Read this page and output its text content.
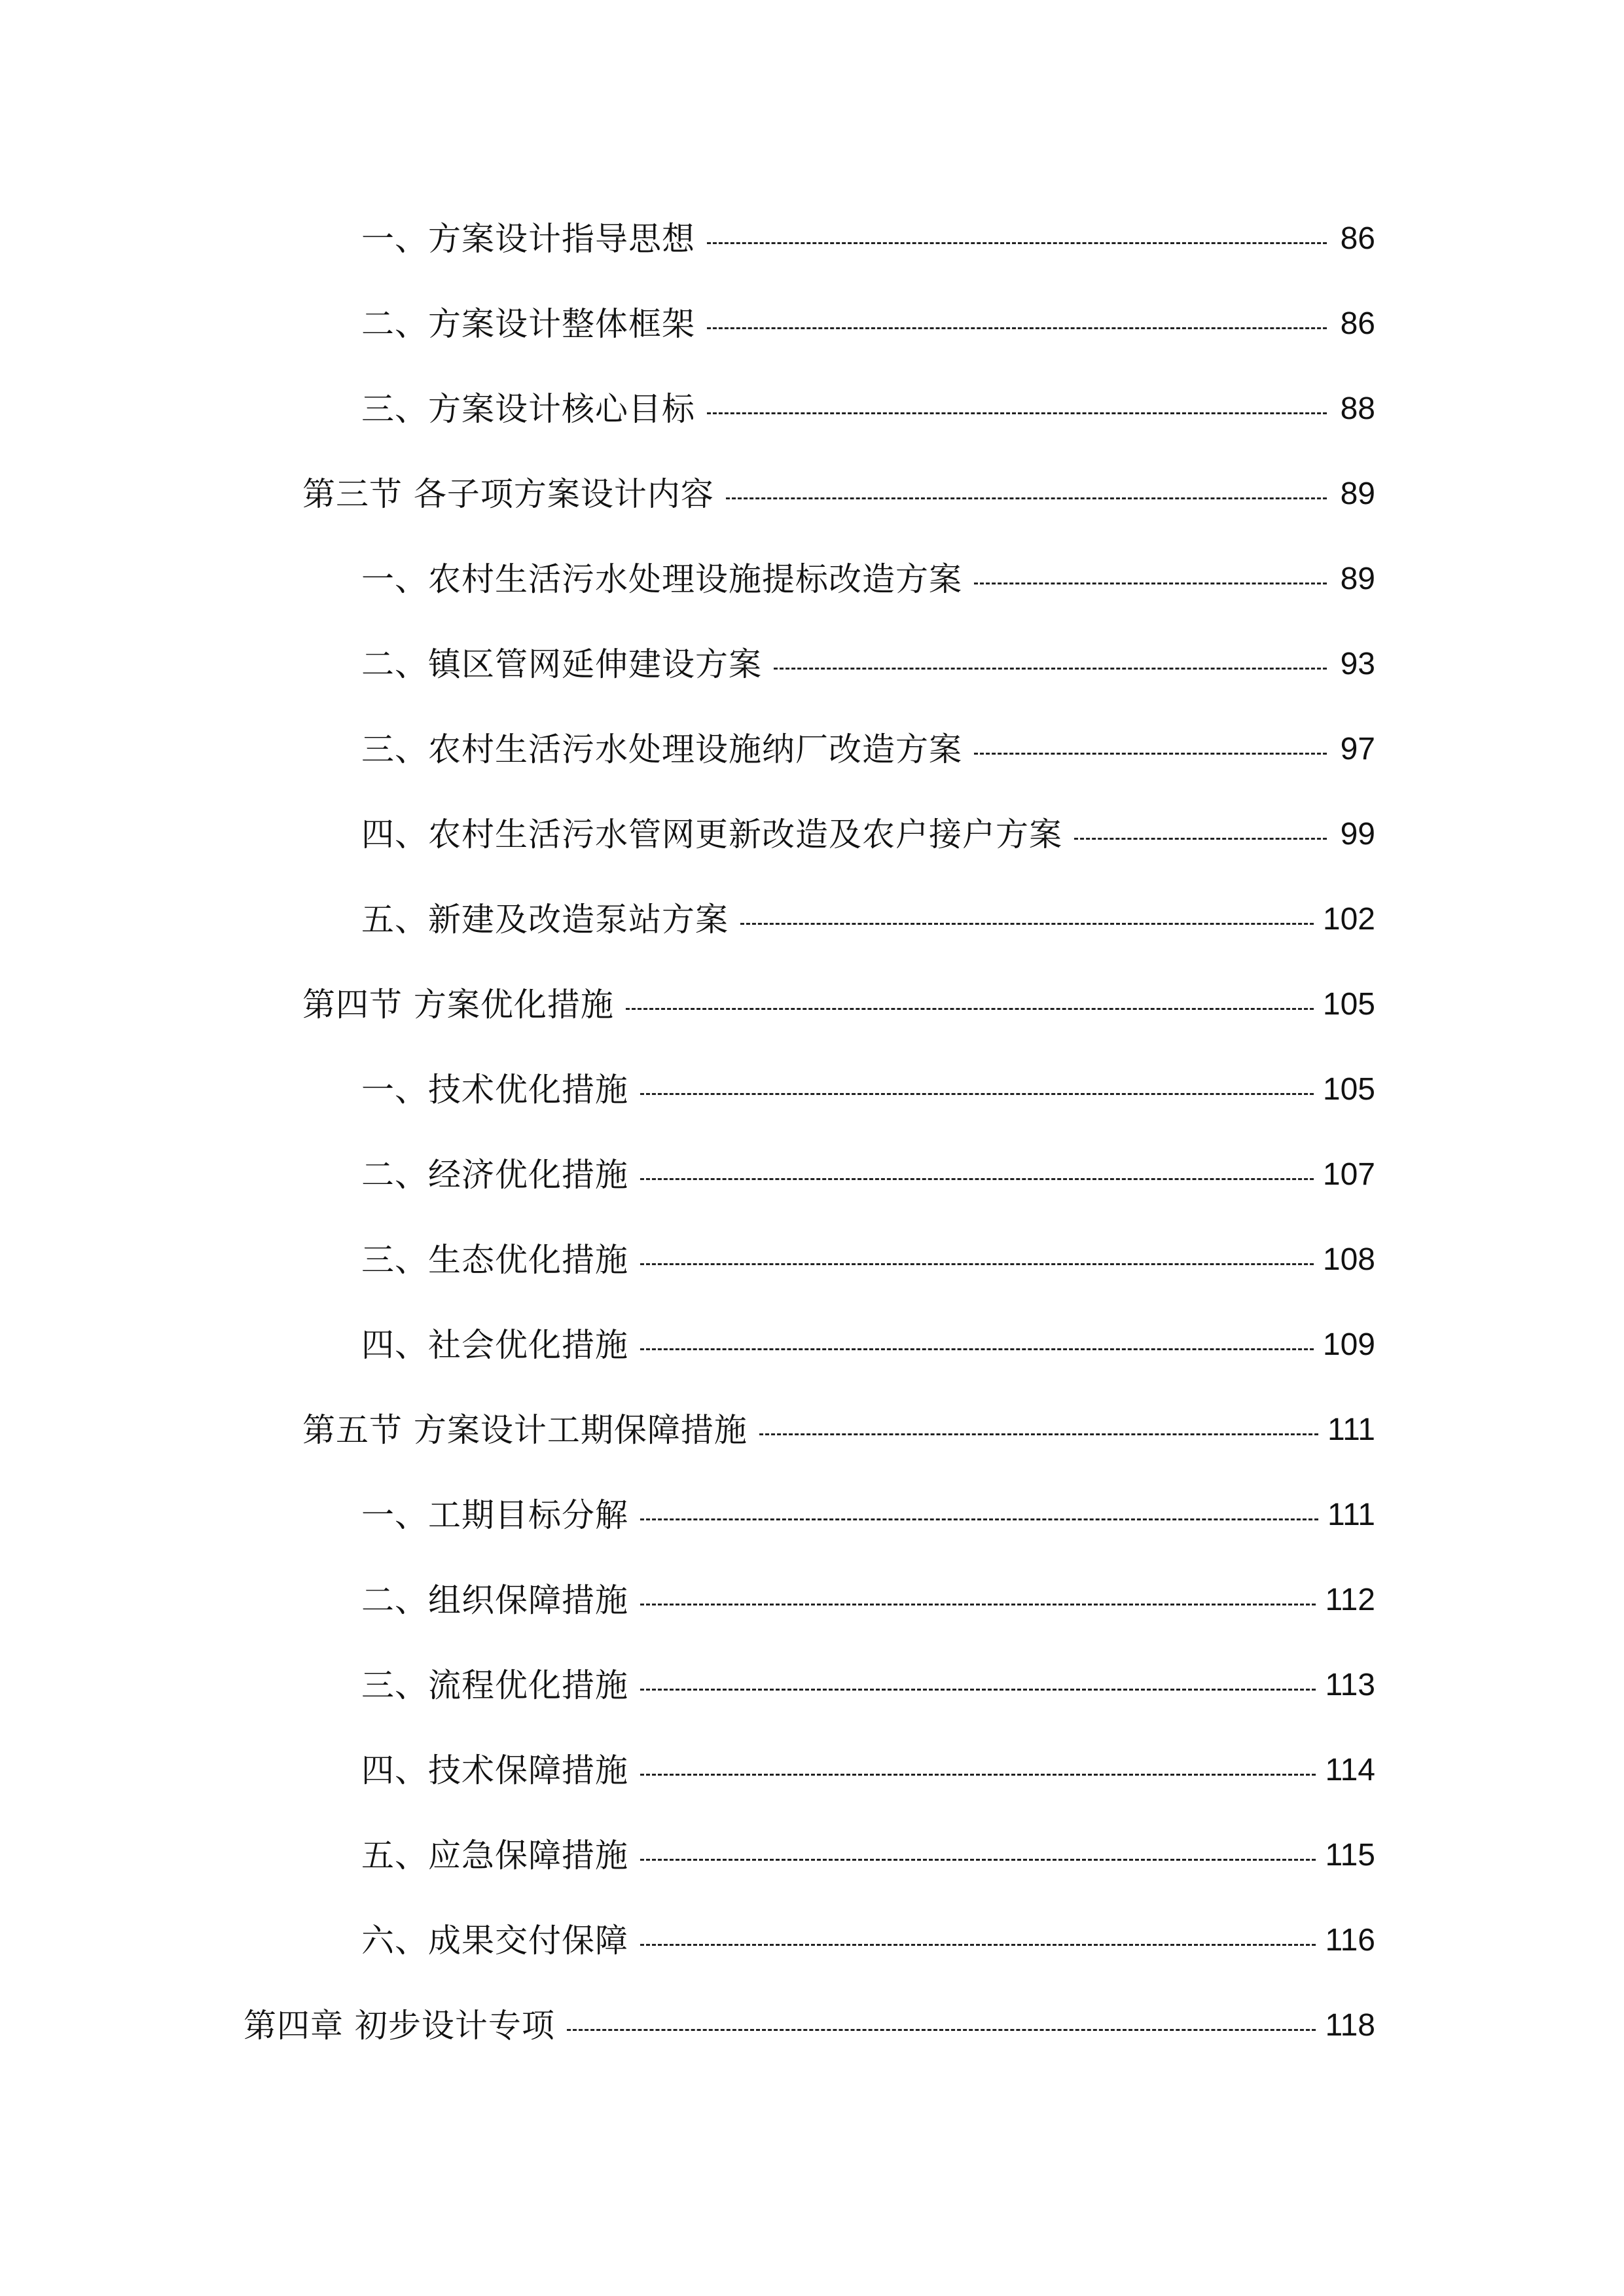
一、方案设计指导思想	86
二、方案设计整体框架	86
三、方案设计核心目标	88
第三节 各子项方案设计内容	89
一、农村生活污水处理设施提标改造方案	89
二、镇区管网延伸建设方案	93
三、农村生活污水处理设施纳厂改造方案	97
四、农村生活污水管网更新改造及农户接户方案	99
五、新建及改造泵站方案	102
第四节 方案优化措施	105
一、技术优化措施	105
二、经济优化措施	107
三、生态优化措施	108
四、社会优化措施	109
第五节 方案设计工期保障措施	111
一、工期目标分解	111
二、组织保障措施	112
三、流程优化措施	113
四、技术保障措施	114
五、应急保障措施	115
六、成果交付保障	116
第四章 初步设计专项	118
